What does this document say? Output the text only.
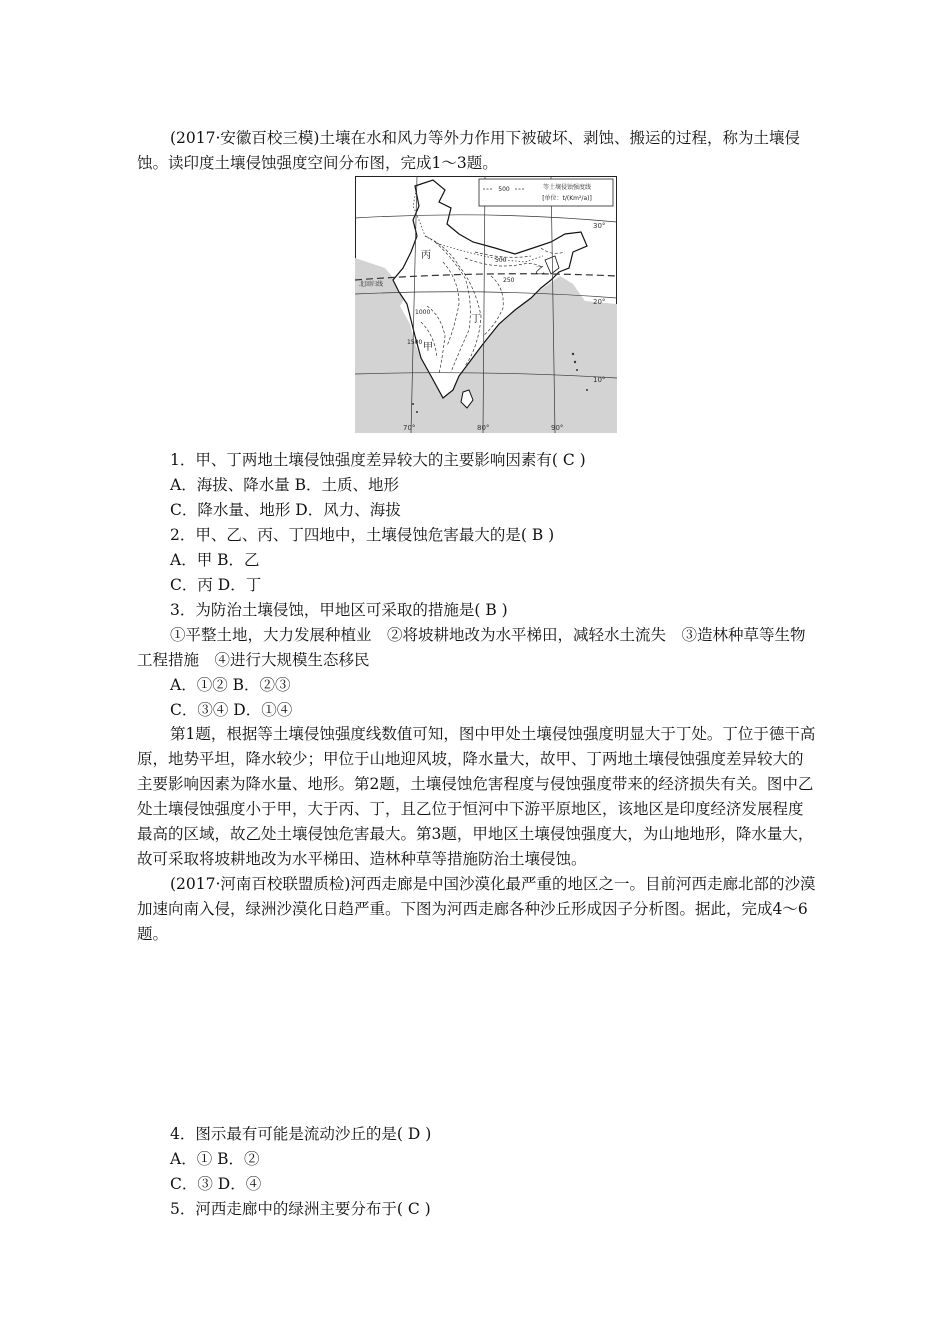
(2017·安徽百校三模)土壤在水和风力等外力作用下被破坏、剥蚀、搬运的过程，称为土壤侵蚀。读印度土壤侵蚀强度空间分布图，完成1～3题。

500	等土壤侵蚀强度线
[单位：t/(Km²/a)]
30°
20°
10°
70°	80°	90°
北回归线
丙
乙
丁
甲
1000
1500
250
500
1．甲、丁两地土壤侵蚀强度差异较大的主要影响因素有( C )
A．海拔、降水量 B．土质、地形
C．降水量、地形 D．风力、海拔
2．甲、乙、丙、丁四地中，土壤侵蚀危害最大的是( B )
A．甲 B．乙
C．丙 D．丁
3．为防治土壤侵蚀，甲地区可采取的措施是( B )

①平整土地，大力发展种植业　②将坡耕地改为水平梯田，减轻水土流失　③造林种草等生物工程措施　④进行大规模生态移民

A．①② B．②③
C．③④ D．①④

第1题，根据等土壤侵蚀强度线数值可知，图中甲处土壤侵蚀强度明显大于丁处。丁位于德干高原，地势平坦，降水较少；甲位于山地迎风坡，降水量大，故甲、丁两地土壤侵蚀强度差异较大的主要影响因素为降水量、地形。第2题，土壤侵蚀危害程度与侵蚀强度带来的经济损失有关。图中乙处土壤侵蚀强度小于甲，大于丙、丁，且乙位于恒河中下游平原地区，该地区是印度经济发展程度最高的区域，故乙处土壤侵蚀危害最大。第3题，甲地区土壤侵蚀强度大，为山地地形，降水量大，故可采取将坡耕地改为水平梯田、造林种草等措施防治土壤侵蚀。

(2017·河南百校联盟质检)河西走廊是中国沙漠化最严重的地区之一。目前河西走廊北部的沙漠加速向南入侵，绿洲沙漠化日趋严重。下图为河西走廊各种沙丘形成因子分析图。据此，完成4～6题。

4．图示最有可能是流动沙丘的是( D )
A．① B．②
C．③ D．④
5．河西走廊中的绿洲主要分布于( C )
